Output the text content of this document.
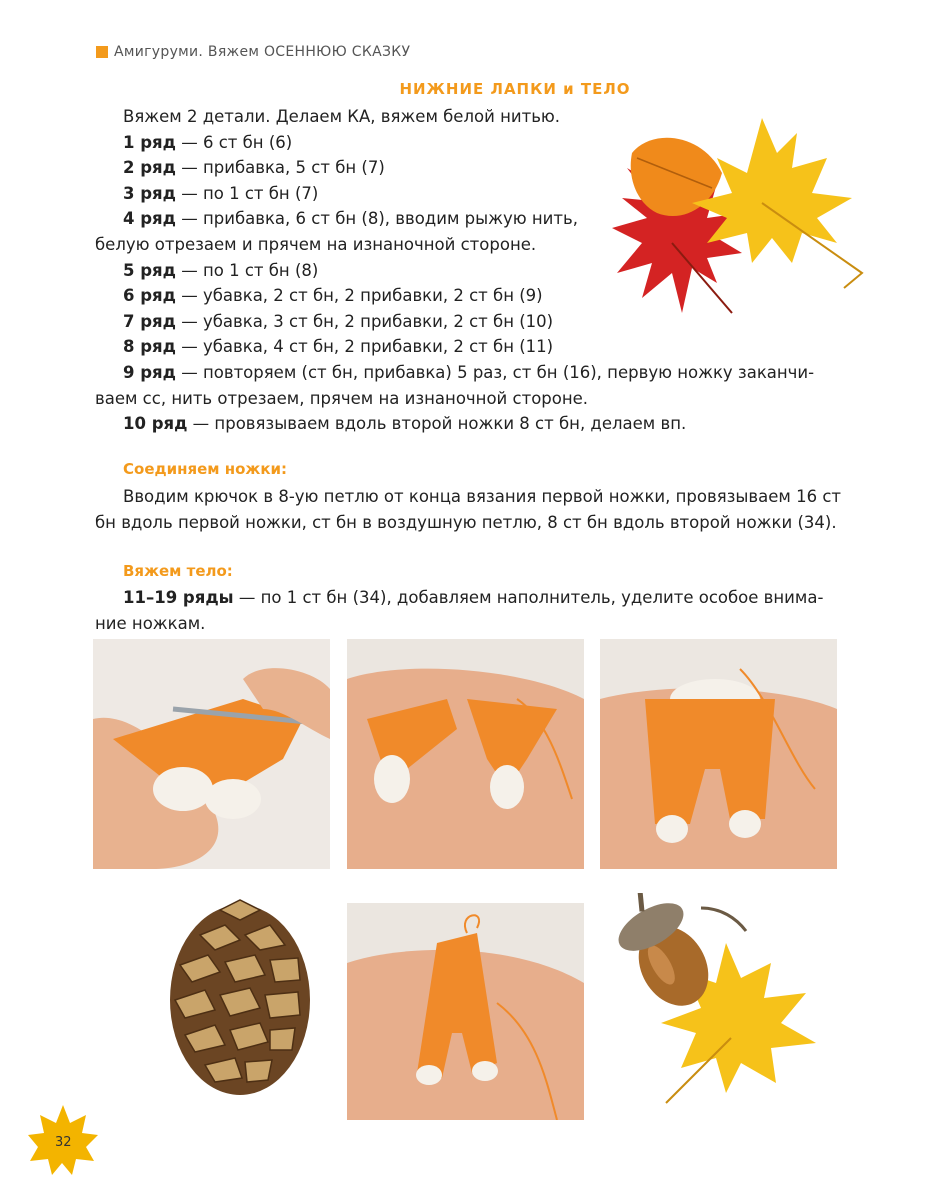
Амигуруми. Вяжем ОСЕННЮЮ СКАЗКУ
НИЖНИЕ ЛАПКИ и ТЕЛО
Вяжем 2 детали. Делаем КА, вяжем белой нитью.
1 ряд — 6 ст бн (6)
2 ряд — прибавка, 5 ст бн (7)
3 ряд — по 1 ст бн (7)
4 ряд — прибавка, 6 ст бн (8), вводим рыжую нить,
белую отрезаем и прячем на изнаночной стороне.
5 ряд — по 1 ст бн (8)
6 ряд — убавка, 2 ст бн, 2 прибавки, 2 ст бн (9)
7 ряд — убавка, 3 ст бн, 2 прибавки, 2 ст бн (10)
8 ряд — убавка, 4 ст бн, 2 прибавки, 2 ст бн (11)
9 ряд — повторяем (ст бн, прибавка) 5 раз, ст бн (16), первую ножку заканчи-
ваем сс, нить отрезаем, прячем на изнаночной стороне.
10 ряд — провязываем вдоль второй ножки 8 ст бн, делаем вп.
Соединяем ножки:
Вводим крючок в 8-ую петлю от конца вязания первой ножки, провязываем 16 ст
бн вдоль первой ножки, ст бн в воздушную петлю, 8 ст бн вдоль второй ножки (34).
Вяжем тело:
11–19 ряды — по 1 ст бн (34), добавляем наполнитель, уделите особое внима-
ние ножкам.
32
